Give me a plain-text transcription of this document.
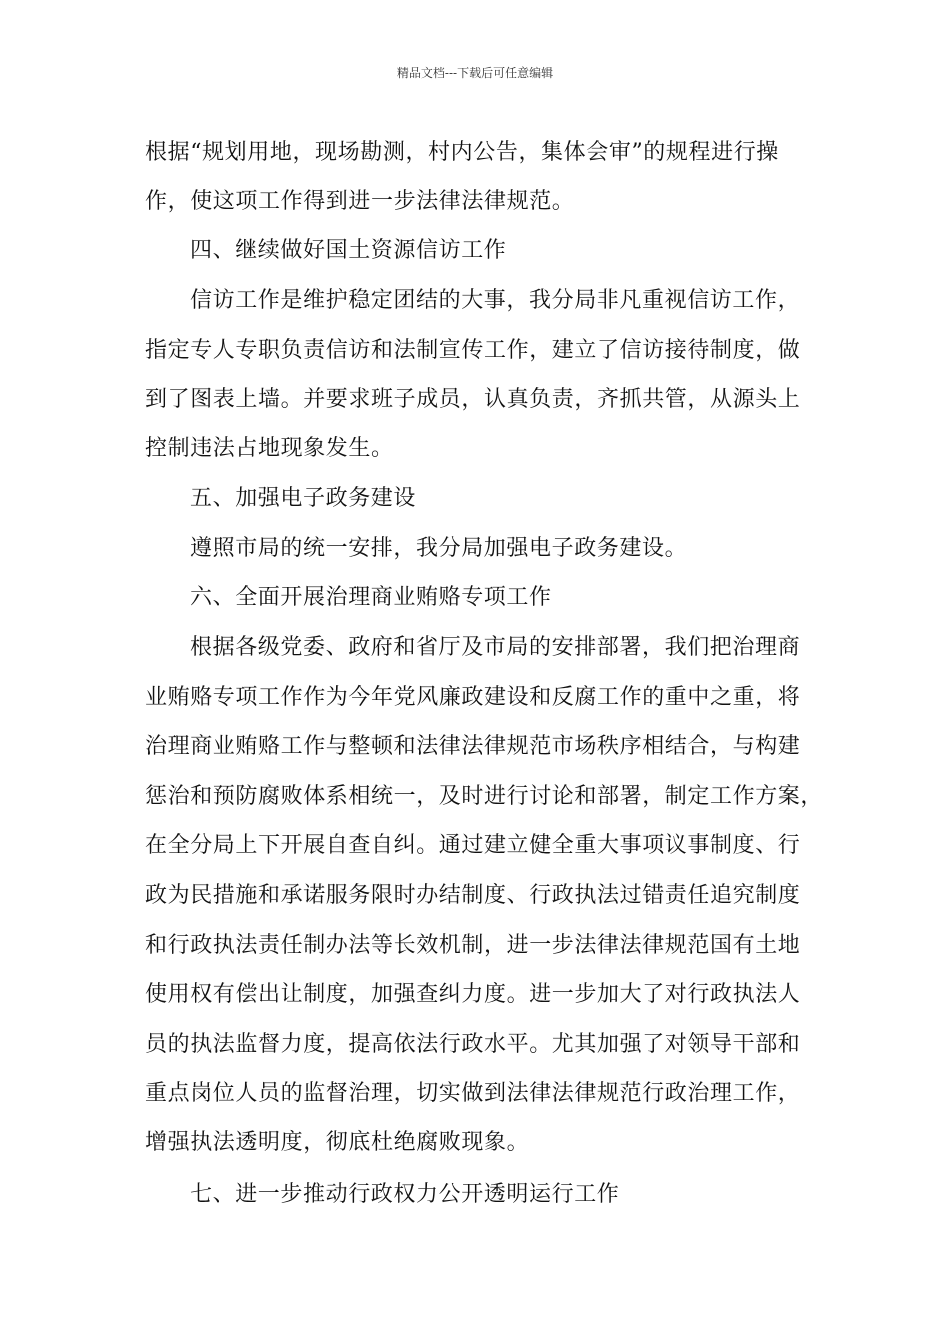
精品文档---下载后可任意编辑
根据“规划用地，现场勘测，村内公告，集体会审”的规程进行操
作，使这项工作得到进一步法律法律规范。
四、继续做好国土资源信访工作
信访工作是维护稳定团结的大事，我分局非凡重视信访工作，
指定专人专职负责信访和法制宣传工作，建立了信访接待制度，做
到了图表上墙。并要求班子成员，认真负责，齐抓共管，从源头上
控制违法占地现象发生。
五、加强电子政务建设
遵照市局的统一安排，我分局加强电子政务建设。
六、全面开展治理商业贿赂专项工作
根据各级党委、政府和省厅及市局的安排部署，我们把治理商
业贿赂专项工作作为今年党风廉政建设和反腐工作的重中之重，将
治理商业贿赂工作与整顿和法律法律规范市场秩序相结合，与构建
惩治和预防腐败体系相统一，及时进行讨论和部署，制定工作方案，
在全分局上下开展自查自纠。通过建立健全重大事项议事制度、行
政为民措施和承诺服务限时办结制度、行政执法过错责任追究制度
和行政执法责任制办法等长效机制，进一步法律法律规范国有土地
使用权有偿出让制度，加强查纠力度。进一步加大了对行政执法人
员的执法监督力度，提高依法行政水平。尤其加强了对领导干部和
重点岗位人员的监督治理，切实做到法律法律规范行政治理工作，
增强执法透明度，彻底杜绝腐败现象。
七、进一步推动行政权力公开透明运行工作
